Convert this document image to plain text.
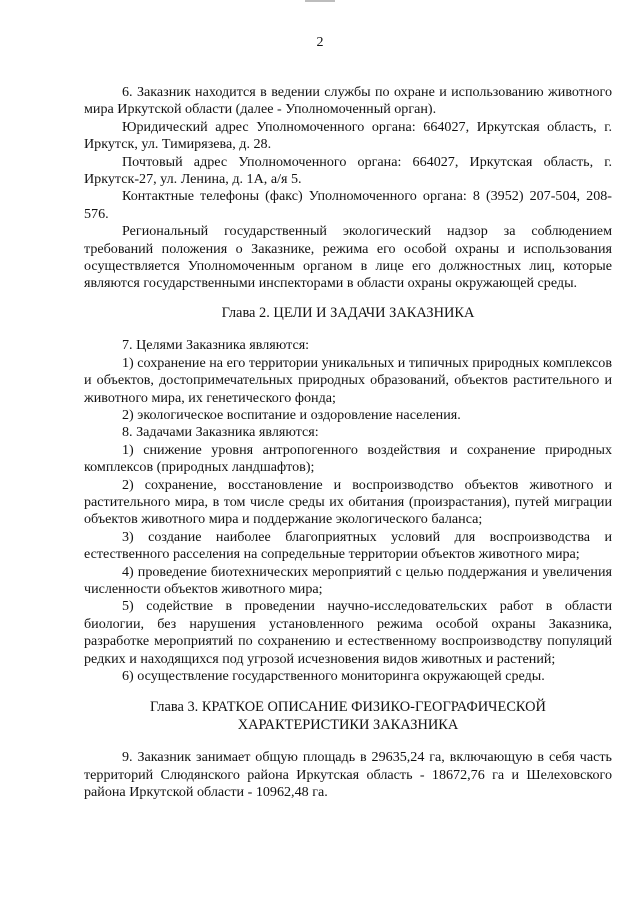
2

6. Заказник находится в ведении службы по охране и использованию животного мира Иркутской области (далее - Уполномоченный орган).

Юридический адрес Уполномоченного органа: 664027, Иркутская область, г. Иркутск, ул. Тимирязева, д. 28.

Почтовый адрес Уполномоченного органа: 664027, Иркутская область, г. Иркутск-27, ул. Ленина, д. 1А, а/я 5.

Контактные телефоны (факс) Уполномоченного органа: 8 (3952) 207-504, 208-576.

Региональный государственный экологический надзор за соблюдением требований положения о Заказнике, режима его особой охраны и использования осуществляется Уполномоченным органом в лице его должностных лиц, которые являются государственными инспекторами в области охраны окружающей среды.

Глава 2. ЦЕЛИ И ЗАДАЧИ ЗАКАЗНИКА

7. Целями Заказника являются:

1) сохранение на его территории уникальных и типичных природных комплексов и объектов, достопримечательных природных образований, объектов растительного и животного мира, их генетического фонда;

2) экологическое воспитание и оздоровление населения.

8. Задачами Заказника являются:

1) снижение уровня антропогенного воздействия и сохранение природных комплексов (природных ландшафтов);

2) сохранение, восстановление и воспроизводство объектов животного и растительного мира, в том числе среды их обитания (произрастания), путей миграции объектов животного мира и поддержание экологического баланса;

3) создание наиболее благоприятных условий для воспроизводства и естественного расселения на сопредельные территории объектов животного мира;

4) проведение биотехнических мероприятий с целью поддержания и увеличения численности объектов животного мира;

5) содействие в проведении научно-исследовательских работ в области биологии, без нарушения установленного режима особой охраны Заказника, разработке мероприятий по сохранению и естественному воспроизводству популяций редких и находящихся под угрозой исчезновения видов животных и растений;

6) осуществление государственного мониторинга окружающей среды.

Глава 3. КРАТКОЕ ОПИСАНИЕ ФИЗИКО-ГЕОГРАФИЧЕСКОЙ

ХАРАКТЕРИСТИКИ ЗАКАЗНИКА

9. Заказник занимает общую площадь в 29635,24 га, включающую в себя часть территорий Слюдянского района Иркутская область - 18672,76 га и Шелеховского района Иркутской области - 10962,48 га.
